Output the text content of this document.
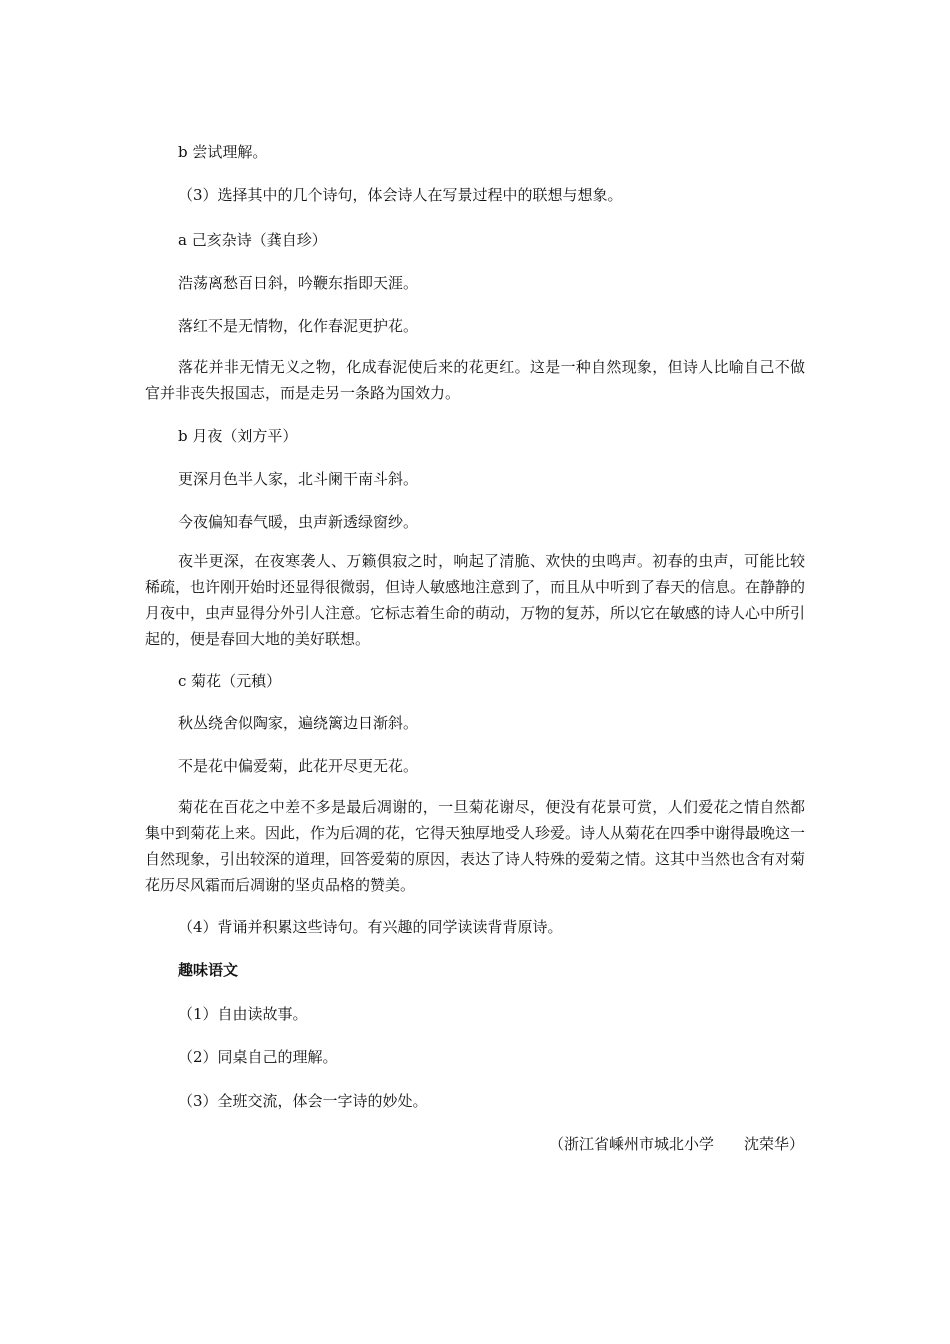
b 尝试理解。
（3）选择其中的几个诗句，体会诗人在写景过程中的联想与想象。
a 己亥杂诗（龚自珍）
浩荡离愁百日斜，吟鞭东指即天涯。
落红不是无情物，化作春泥更护花。
落花并非无情无义之物，化成春泥使后来的花更红。这是一种自然现象，但诗人比喻自己不做官并非丧失报国志，而是走另一条路为国效力。
b 月夜（刘方平）
更深月色半人家，北斗阑干南斗斜。
今夜偏知春气暖，虫声新透绿窗纱。
夜半更深，在夜寒袭人、万籁俱寂之时，响起了清脆、欢快的虫鸣声。初春的虫声，可能比较稀疏，也许刚开始时还显得很微弱，但诗人敏感地注意到了，而且从中听到了春天的信息。在静静的月夜中，虫声显得分外引人注意。它标志着生命的萌动，万物的复苏，所以它在敏感的诗人心中所引起的，便是春回大地的美好联想。
c 菊花（元稹）
秋丛绕舍似陶家，遍绕篱边日渐斜。
不是花中偏爱菊，此花开尽更无花。
菊花在百花之中差不多是最后凋谢的，一旦菊花谢尽，便没有花景可赏，人们爱花之情自然都集中到菊花上来。因此，作为后凋的花，它得天独厚地受人珍爱。诗人从菊花在四季中谢得最晚这一自然现象，引出较深的道理，回答爱菊的原因，表达了诗人特殊的爱菊之情。这其中当然也含有对菊花历尽风霜而后凋谢的坚贞品格的赞美。
（4）背诵并积累这些诗句。有兴趣的同学读读背背原诗。
趣味语文
（1）自由读故事。
（2）同桌自己的理解。
（3）全班交流，体会一字诗的妙处。
（浙江省嵊州市城北小学　　沈荣华）
